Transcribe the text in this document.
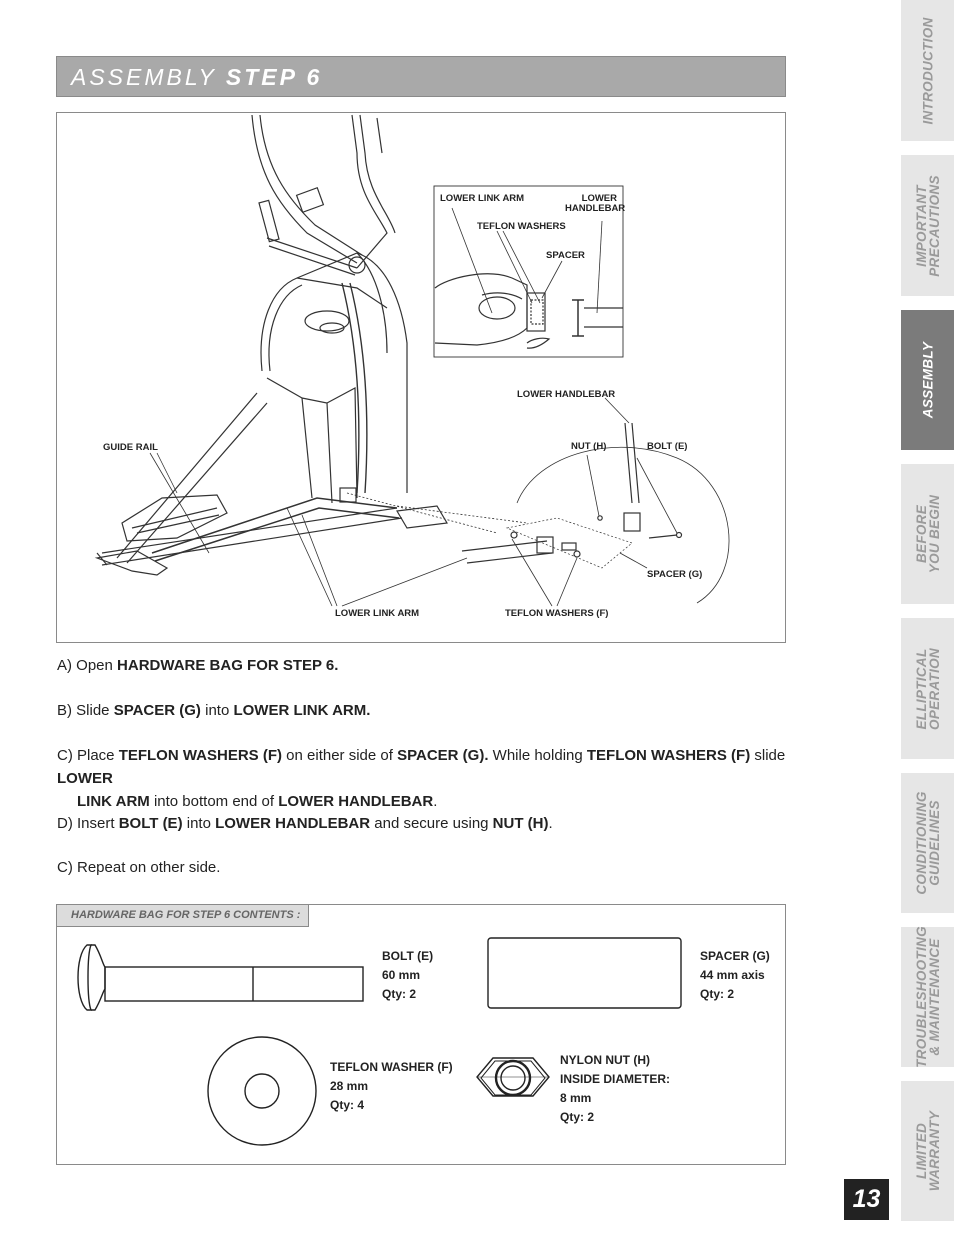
ASSEMBLY STEP 6
LOWER LINK ARM	LOWER
HANDLEBAR
TEFLON WASHERS
SPACER
LOWER HANDLEBAR
GUIDE RAIL	NUT (H)	BOLT (E)
SPACER (G)
LOWER LINK ARM	TEFLON WASHERS (F)
A) Open HARDWARE BAG FOR STEP 6.
B) Slide SPACER (G) into LOWER LINK ARM.
C) Place TEFLON WASHERS (F) on either side of SPACER (G). While holding TEFLON WASHERS (F) slide LOWER
LINK ARM into bottom end of LOWER HANDLEBAR.
D) Insert BOLT (E) into LOWER HANDLEBAR and secure using NUT (H).
C) Repeat on other side.
HARDWARE BAG FOR STEP 6 CONTENTS :
BOLT (E)
60 mm
Qty: 2
SPACER (G)
44 mm axis
Qty: 2
TEFLON WASHER (F)
28 mm
Qty: 4
NYLON NUT (H)
INSIDE DIAMETER:
8 mm
Qty: 2
INTRODUCTION
IMPORTANT
PRECAUTIONS
ASSEMBLY
BEFORE
YOU BEGIN
ELLIPTICAL
OPERATION
CONDITIONING
GUIDELINES
TROUBLESHOOTING
& MAINTENANCE
LIMITED
WARRANTY
13
